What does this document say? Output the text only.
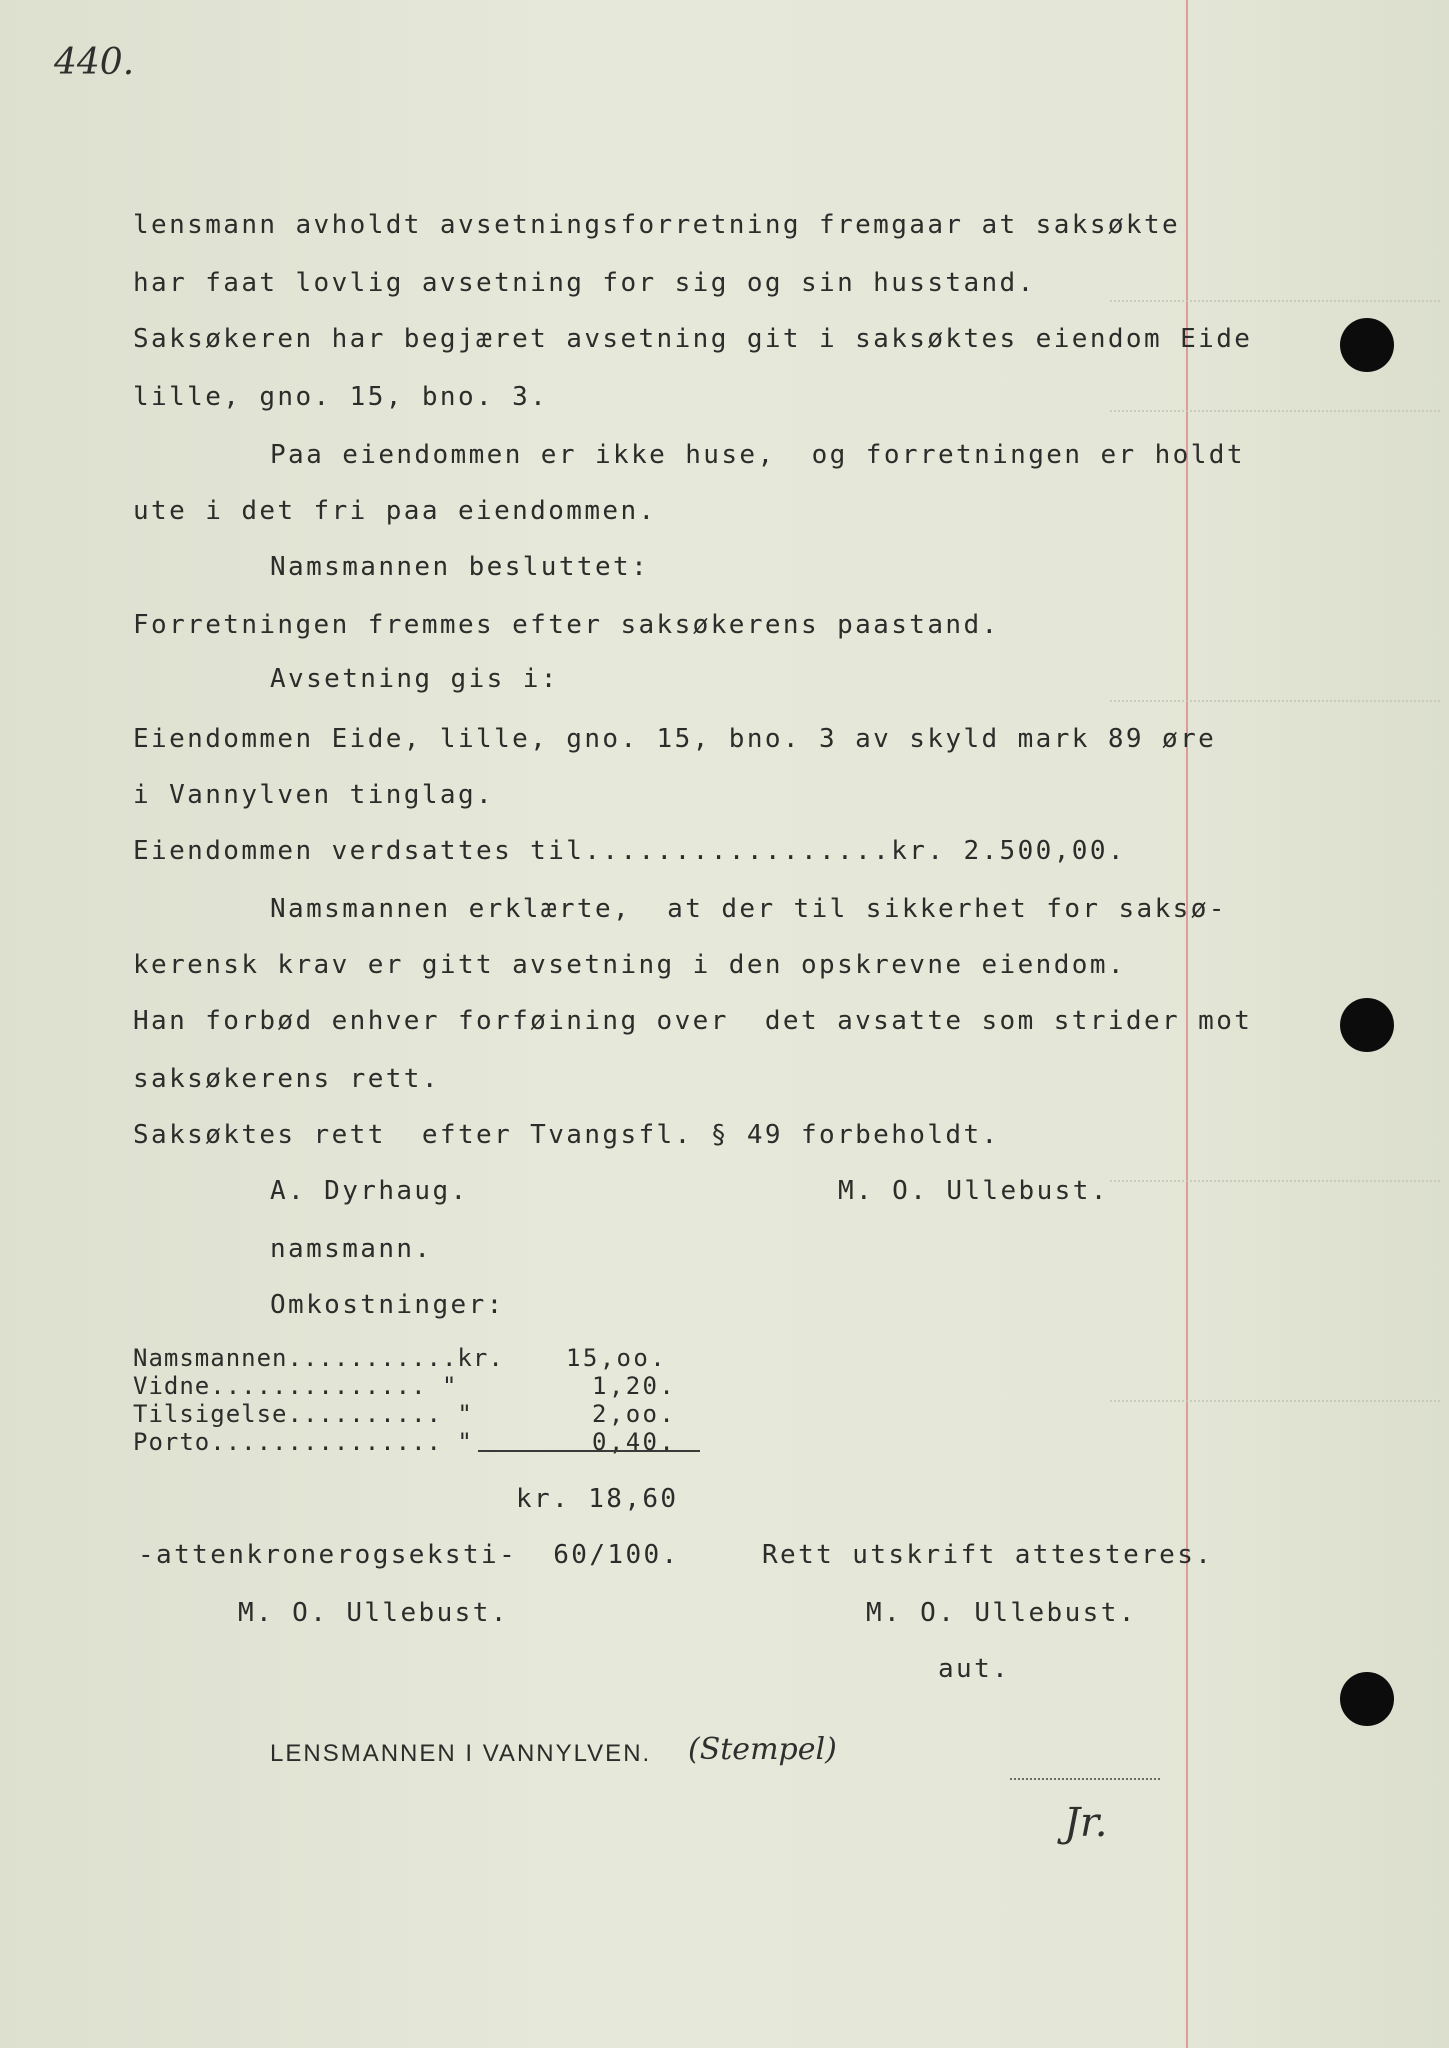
440.
lensmann avholdt avsetningsforretning fremgaar at saksøkte
har faat lovlig avsetning for sig og sin husstand.
Saksøkeren har begjæret avsetning git i saksøktes eiendom Eide
lille, gno. 15, bno. 3.
Paa eiendommen er ikke huse,  og forretningen er holdt
ute i det fri paa eiendommen.
Namsmannen besluttet:
Forretningen fremmes efter saksøkerens paastand.
Avsetning gis i:
Eiendommen Eide, lille, gno. 15, bno. 3 av skyld mark 89 øre
i Vannylven tinglag.
Eiendommen verdsattes til.................kr. 2.500,00.
Namsmannen erklærte,  at der til sikkerhet for saksø-
kerensk krav er gitt avsetning i den opskrevne eiendom.
Han forbød enhver forføining over  det avsatte som strider mot
saksøkerens rett.
Saksøktes rett  efter Tvangsfl. § 49 forbeholdt.
A. Dyrhaug.	M. O. Ullebust.
namsmann.
Omkostninger:
Namsmannen...........kr.	15,oo.
Vidne.............. "	1,20.
Tilsigelse.......... "	2,oo.
Porto............... "	0,40.
kr. 18,60
-attenkronerogseksti-  60/100.	Rett utskrift attesteres.
M. O. Ullebust.	M. O. Ullebust.
aut.
LENSMANNEN I VANNYLVEN. (Stempel)
Jr.
